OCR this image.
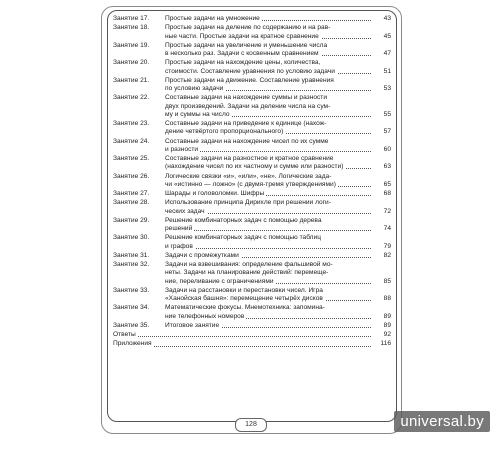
Занятие 17.	Простые задачи на умножение	43
Занятие 18.	Простые задачи на деление по содержанию и на рав-
ные части. Простые задачи на кратное сравнение	45
Занятие 19.	Простые задачи на увеличение и уменьшение числа
в несколько раз. Задачи с косвенным сравнением	47
Занятие 20.	Простые задачи на нахождение цены, количества,
стоимости. Составление уравнения по условию задачи	51
Занятие 21.	Простые задачи на движение. Составление уравнения
по условию задачи	53
Занятие 22.	Составные задачи на нахождение суммы и разности
двух произведений. Задачи на деление числа на сум-
му и суммы на число	55
Занятие 23.	Составные задачи на приведение к единице (нахож-
дение четвёртого пропорционального)	57
Занятие 24.	Составные задачи на нахождение чисел по их сумме
и разности	60
Занятие 25.	Составные задачи на разностное и кратное сравнение
(нахождение чисел по их частному и сумме или разности)	63
Занятие 26.	Логические связки «и», «или», «не». Логические зада-
чи «истинно — ложно» (с двумя-тремя утверждениями)	65
Занятие 27.	Шарады и головоломки. Шифры	68
Занятие 28.	Использование принципа Дирихле при решении логи-
ческих задач	72
Занятие 29.	Решение комбинаторных задач с помощью дерева
решений	74
Занятие 30.	Решение комбинаторных задач с помощью таблиц
и графов	79
Занятие 31.	Задачи с промежутками	82
Занятие 32.	Задачи на взвешивания: определение фальшивой мо-
неты. Задачи на планирование действий: перемеще-
ние, переливание с ограничениями	85
Занятие 33.	Задачи на расстановки и перестановки чисел. Игра
«Ханойская башня»: перемещение четырёх дисков	88
Занятие 34.	Математические фокусы. Мнемотехника: запомина-
ние телефонных номеров	89
Занятие 35.	Итоговое занятие	89
Ответы	92
Приложения	116
128	universal.by
